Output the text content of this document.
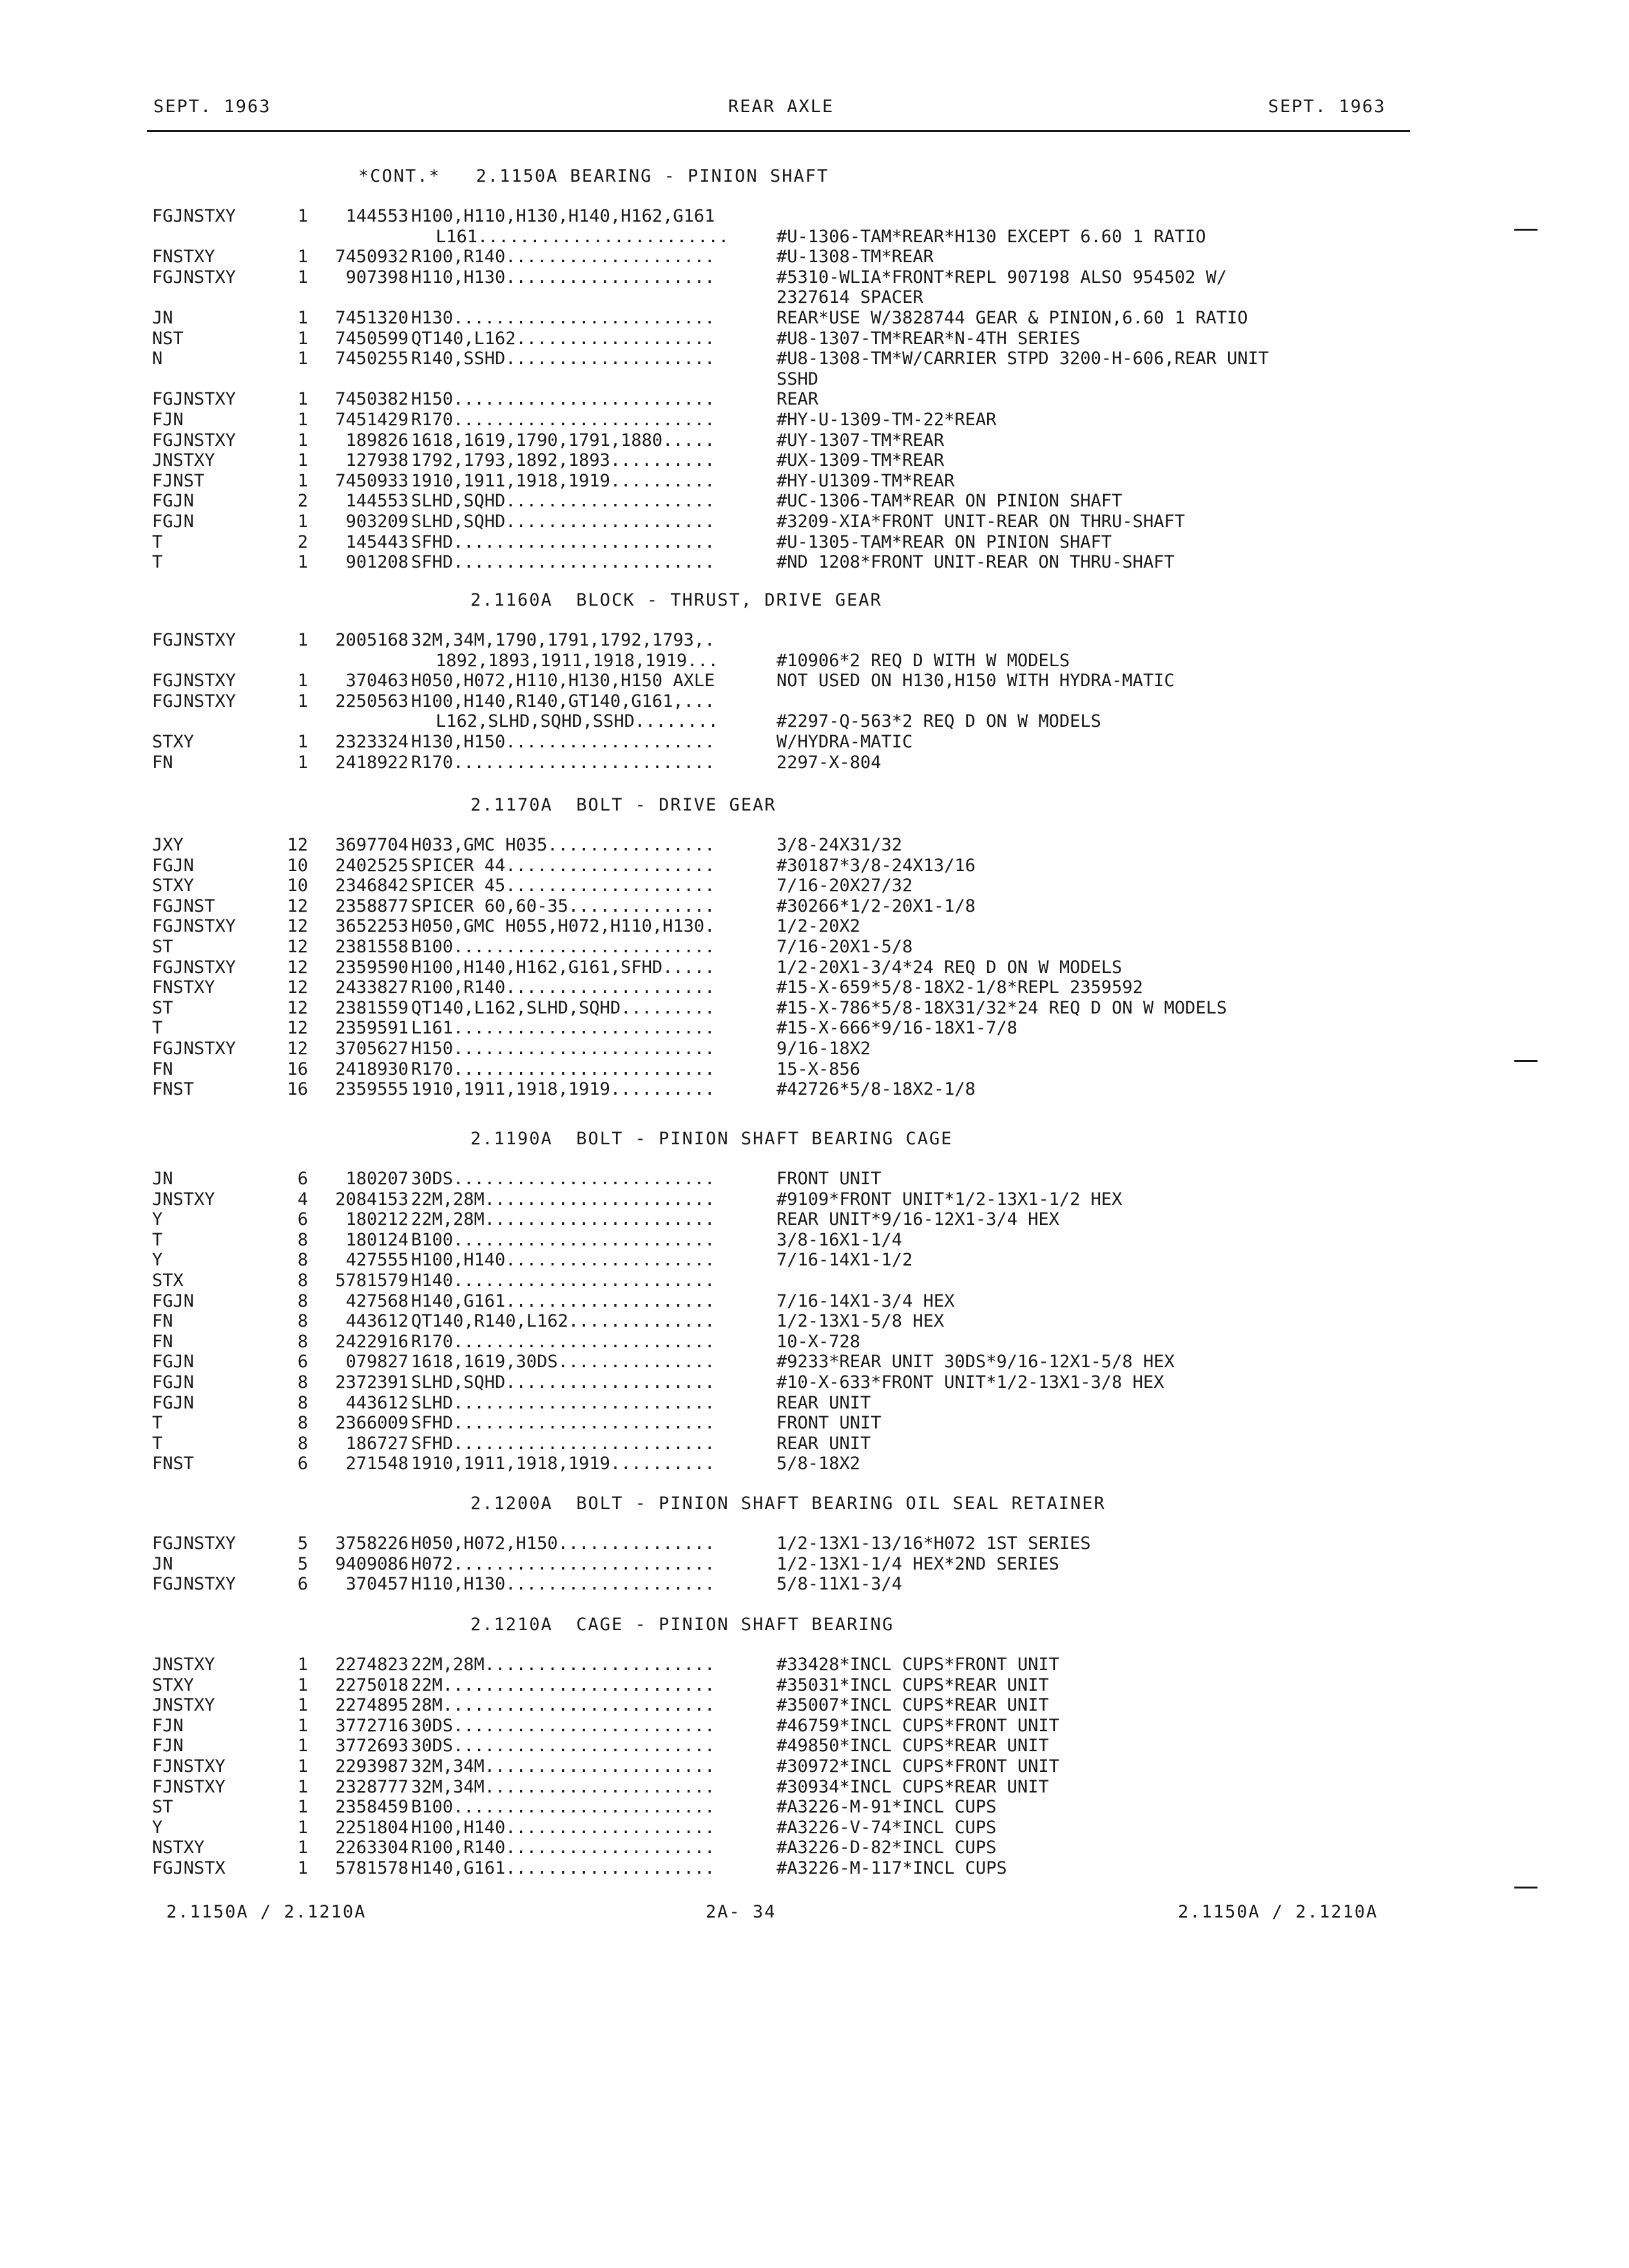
SEPT. 1963	REAR AXLE	SEPT. 1963
*CONT.*   2.1150A BEARING - PINION SHAFT
FGJNSTXY	1	144553 H100,H110,H130,H140,H162,G161
L161........................	#U-1306-TAM*REAR*H130 EXCEPT 6.60 1 RATIO
FNSTXY	1	7450932 R100,R140....................	#U-1308-TM*REAR
FGJNSTXY	1	907398 H110,H130....................	#5310-WLIA*FRONT*REPL 907198 ALSO 954502 W/
2327614 SPACER
JN	1	7451320 H130.........................	REAR*USE W/3828744 GEAR & PINION,6.60 1 RATIO
NST	1	7450599 QT140,L162...................	#U8-1307-TM*REAR*N-4TH SERIES
N	1	7450255 R140,SSHD....................	#U8-1308-TM*W/CARRIER STPD 3200-H-606,REAR UNIT
SSHD
FGJNSTXY	1	7450382 H150.........................	REAR
FJN	1	7451429 R170.........................	#HY-U-1309-TM-22*REAR
FGJNSTXY	1	189826 1618,1619,1790,1791,1880.....	#UY-1307-TM*REAR
JNSTXY	1	127938 1792,1793,1892,1893..........	#UX-1309-TM*REAR
FJNST	1	7450933 1910,1911,1918,1919..........	#HY-U1309-TM*REAR
FGJN	2	144553 SLHD,SQHD....................	#UC-1306-TAM*REAR ON PINION SHAFT
FGJN	1	903209 SLHD,SQHD....................	#3209-XIA*FRONT UNIT-REAR ON THRU-SHAFT
T	2	145443 SFHD.........................	#U-1305-TAM*REAR ON PINION SHAFT
T	1	901208 SFHD.........................	#ND 1208*FRONT UNIT-REAR ON THRU-SHAFT
2.1160A  BLOCK - THRUST, DRIVE GEAR
FGJNSTXY	1	2005168 32M,34M,1790,1791,1792,1793,.
1892,1893,1911,1918,1919...	#10906*2 REQ D WITH W MODELS
FGJNSTXY	1	370463 H050,H072,H110,H130,H150 AXLE	NOT USED ON H130,H150 WITH HYDRA-MATIC
FGJNSTXY	1	2250563 H100,H140,R140,GT140,G161,...
L162,SLHD,SQHD,SSHD........	#2297-Q-563*2 REQ D ON W MODELS
STXY	1	2323324 H130,H150....................	W/HYDRA-MATIC
FN	1	2418922 R170.........................	2297-X-804
2.1170A  BOLT - DRIVE GEAR
JXY	12	3697704 H033,GMC H035................	3/8-24X31/32
FGJN	10	2402525 SPICER 44....................	#30187*3/8-24X13/16
STXY	10	2346842 SPICER 45....................	7/16-20X27/32
FGJNST	12	2358877 SPICER 60,60-35..............	#30266*1/2-20X1-1/8
FGJNSTXY	12	3652253 H050,GMC H055,H072,H110,H130.	1/2-20X2
ST	12	2381558 B100.........................	7/16-20X1-5/8
FGJNSTXY	12	2359590 H100,H140,H162,G161,SFHD.....	1/2-20X1-3/4*24 REQ D ON W MODELS
FNSTXY	12	2433827 R100,R140....................	#15-X-659*5/8-18X2-1/8*REPL 2359592
ST	12	2381559 QT140,L162,SLHD,SQHD.........	#15-X-786*5/8-18X31/32*24 REQ D ON W MODELS
T	12	2359591 L161.........................	#15-X-666*9/16-18X1-7/8
FGJNSTXY	12	3705627 H150.........................	9/16-18X2
FN	16	2418930 R170.........................	15-X-856
FNST	16	2359555 1910,1911,1918,1919..........	#42726*5/8-18X2-1/8
2.1190A  BOLT - PINION SHAFT BEARING CAGE
JN	6	180207 30DS.........................	FRONT UNIT
JNSTXY	4	2084153 22M,28M......................	#9109*FRONT UNIT*1/2-13X1-1/2 HEX
Y	6	180212 22M,28M......................	REAR UNIT*9/16-12X1-3/4 HEX
T	8	180124 B100.........................	3/8-16X1-1/4
Y	8	427555 H100,H140....................	7/16-14X1-1/2
STX	8	5781579 H140.........................
FGJN	8	427568 H140,G161....................	7/16-14X1-3/4 HEX
FN	8	443612 QT140,R140,L162..............	1/2-13X1-5/8 HEX
FN	8	2422916 R170.........................	10-X-728
FGJN	6	079827 1618,1619,30DS...............	#9233*REAR UNIT 30DS*9/16-12X1-5/8 HEX
FGJN	8	2372391 SLHD,SQHD....................	#10-X-633*FRONT UNIT*1/2-13X1-3/8 HEX
FGJN	8	443612 SLHD.........................	REAR UNIT
T	8	2366009 SFHD.........................	FRONT UNIT
T	8	186727 SFHD.........................	REAR UNIT
FNST	6	271548 1910,1911,1918,1919..........	5/8-18X2
2.1200A  BOLT - PINION SHAFT BEARING OIL SEAL RETAINER
FGJNSTXY	5	3758226 H050,H072,H150...............	1/2-13X1-13/16*H072 1ST SERIES
JN	5	9409086 H072.........................	1/2-13X1-1/4 HEX*2ND SERIES
FGJNSTXY	6	370457 H110,H130....................	5/8-11X1-3/4
2.1210A  CAGE - PINION SHAFT BEARING
JNSTXY	1	2274823 22M,28M......................	#33428*INCL CUPS*FRONT UNIT
STXY	1	2275018 22M..........................	#35031*INCL CUPS*REAR UNIT
JNSTXY	1	2274895 28M..........................	#35007*INCL CUPS*REAR UNIT
FJN	1	3772716 30DS.........................	#46759*INCL CUPS*FRONT UNIT
FJN	1	3772693 30DS.........................	#49850*INCL CUPS*REAR UNIT
FJNSTXY	1	2293987 32M,34M......................	#30972*INCL CUPS*FRONT UNIT
FJNSTXY	1	2328777 32M,34M......................	#30934*INCL CUPS*REAR UNIT
ST	1	2358459 B100.........................	#A3226-M-91*INCL CUPS
Y	1	2251804 H100,H140....................	#A3226-V-74*INCL CUPS
NSTXY	1	2263304 R100,R140....................	#A3226-D-82*INCL CUPS
FGJNSTX	1	5781578 H140,G161....................	#A3226-M-117*INCL CUPS
2.1150A / 2.1210A	2A- 34	2.1150A / 2.1210A
